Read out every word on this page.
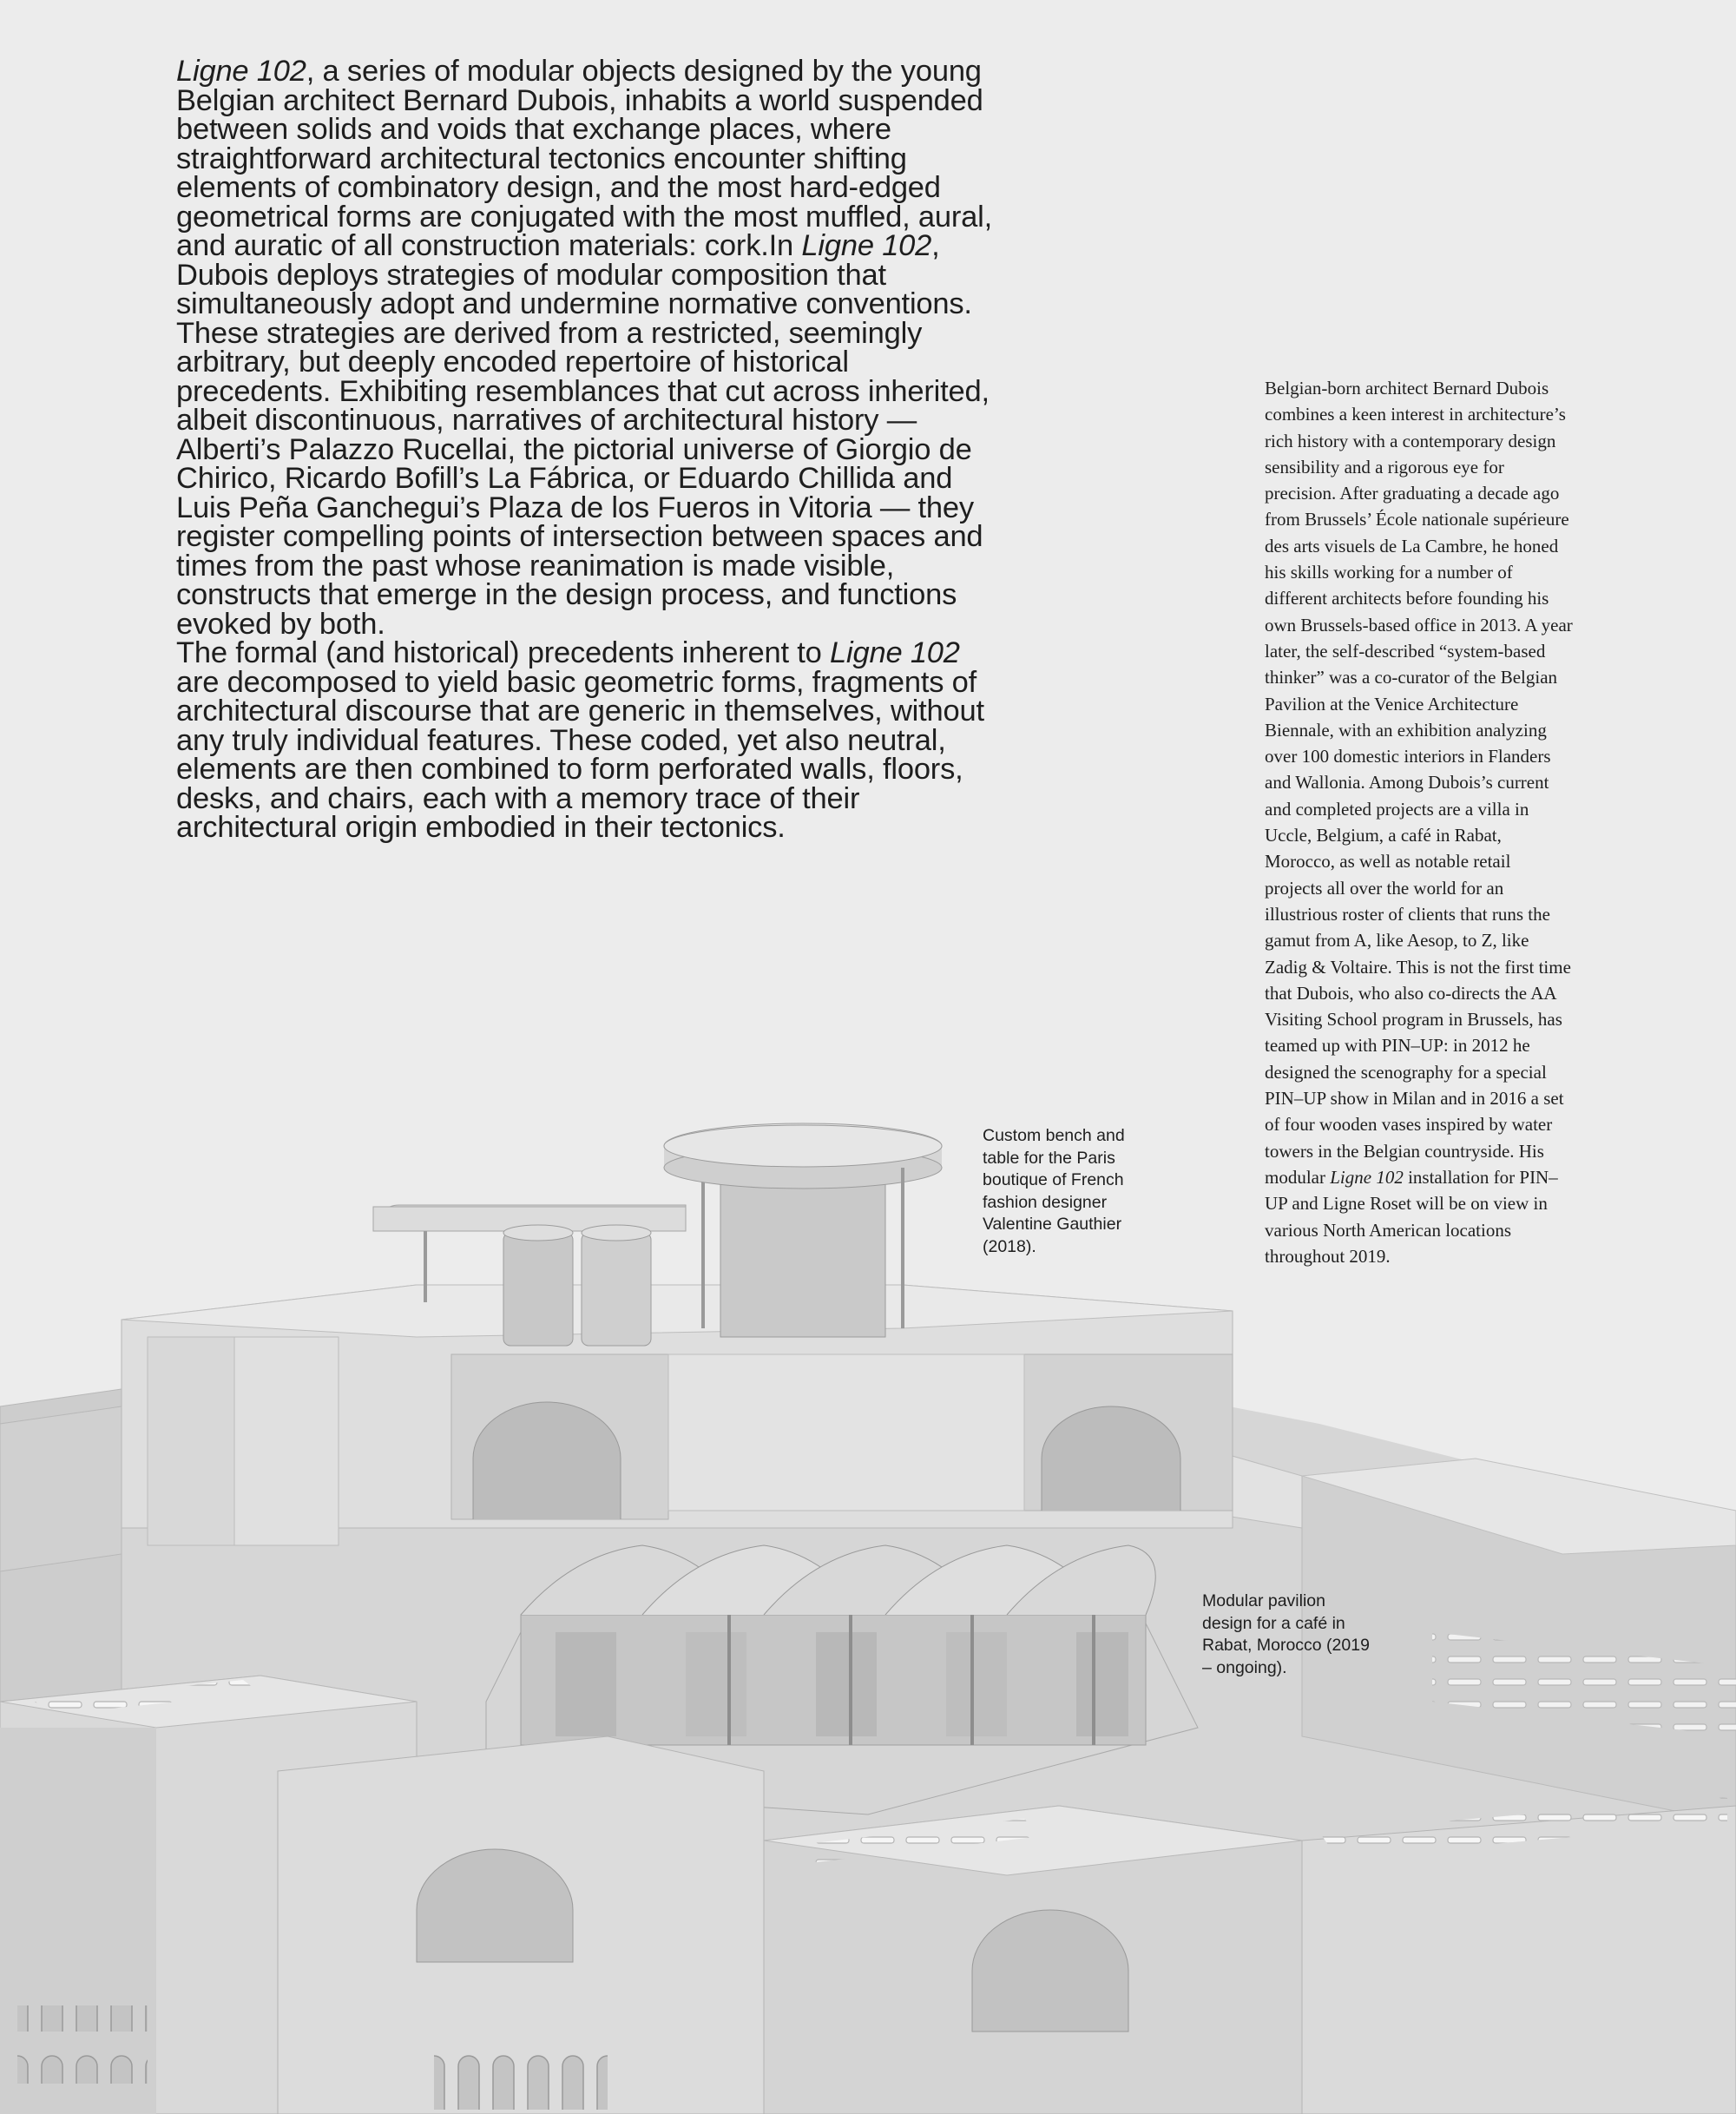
Ligne 102, a series of modular objects designed by the young Belgian architect Bernard Dubois, inhabits a world suspended between solids and voids that exchange places, where straightforward architectural tectonics encounter shifting elements of combinatory design, and the most hard-edged geometrical forms are conjugated with the most muffled, aural, and auratic of all construction materials: cork.In Ligne 102, Dubois deploys strategies of modular composition that simultaneously adopt and undermine normative conventions. These strategies are derived from a restricted, seemingly arbitrary, but deeply encoded repertoire of historical precedents. Exhibiting resemblances that cut across inherited, albeit discontinuous, narratives of architectural history — Alberti’s Palazzo Rucellai, the pictorial universe of Giorgio de Chirico, Ricardo Bofill’s La Fábrica, or Eduardo Chillida and Luis Peña Ganchegui’s Plaza de los Fueros in Vitoria — they register compelling points of intersection between spaces and times from the past whose reanimation is made visible, constructs that emerge in the design process, and functions evoked by both.

The formal (and historical) precedents inherent to Ligne 102 are decomposed to yield basic geometric forms, fragments of architectural discourse that are generic in themselves, without any truly individual features. These coded, yet also neutral, elements are then combined to form perforated walls, floors, desks, and chairs, each with a memory trace of their architectural origin embodied in their tectonics.

Belgian-born architect Bernard Dubois combines a keen interest in architecture’s rich history with a contemporary design sensibility and a rigorous eye for precision. After graduating a decade ago from Brussels’ École nationale supérieure des arts visuels de La Cambre, he honed his skills working for a number of different architects before founding his own Brussels-based office in 2013. A year later, the self-described “system-based thinker” was a co-curator of the Belgian Pavilion at the Venice Architecture Biennale, with an exhibition analyzing over 100 domestic interiors in Flanders and Wallonia. Among Dubois’s current and completed projects are a villa in Uccle, Belgium, a café in Rabat, Morocco, as well as notable retail projects all over the world for an illustrious roster of clients that runs the gamut from A, like Aesop, to Z, like Zadig & Voltaire. This is not the first time that Dubois, who also co-directs the AA Visiting School program in Brussels, has teamed up with PIN–UP: in 2012 he designed the scenography for a special PIN–UP show in Milan and in 2016 a set of four wooden vases inspired by water towers in the Belgian countryside. His modular Ligne 102 installation for PIN–UP and Ligne Roset will be on view in various North American locations throughout 2019.
Custom bench and table for the Paris boutique of French fashion designer Valentine Gauthier (2018).
Modular pavilion design for a café in Rabat, Morocco (2019 – ongoing).
